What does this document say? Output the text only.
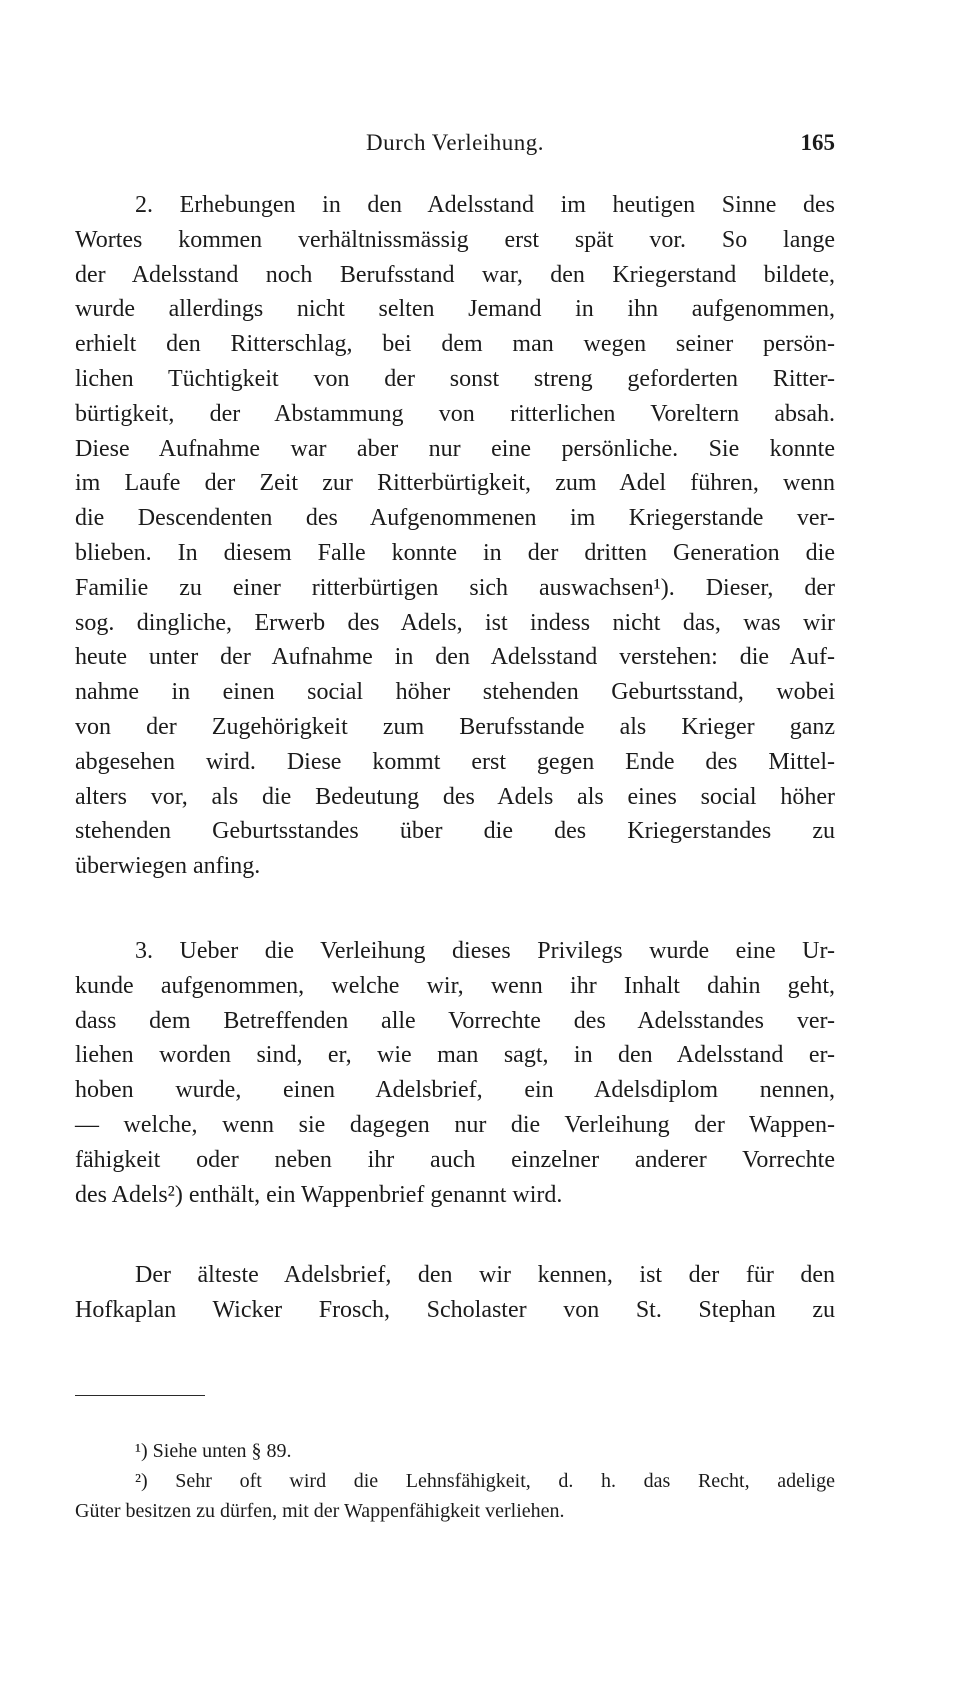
Durch Verleihung.	165
2. Erhebungen in den Adelsstand im heutigen Sinne des
Wortes kommen verhältnissmässig erst spät vor. So lange
der Adelsstand noch Berufsstand war, den Kriegerstand bildete,
wurde allerdings nicht selten Jemand in ihn aufgenommen,
erhielt den Ritterschlag, bei dem man wegen seiner persön-
lichen Tüchtigkeit von der sonst streng geforderten Ritter-
bürtigkeit, der Abstammung von ritterlichen Voreltern absah.
Diese Aufnahme war aber nur eine persönliche. Sie konnte
im Laufe der Zeit zur Ritterbürtigkeit, zum Adel führen, wenn
die Descendenten des Aufgenommenen im Kriegerstande ver-
blieben. In diesem Falle konnte in der dritten Generation die
Familie zu einer ritterbürtigen sich auswachsen¹). Dieser, der
sog. dingliche, Erwerb des Adels, ist indess nicht das, was wir
heute unter der Aufnahme in den Adelsstand verstehen: die Auf-
nahme in einen social höher stehenden Geburtsstand, wobei
von der Zugehörigkeit zum Berufsstande als Krieger ganz
abgesehen wird. Diese kommt erst gegen Ende des Mittel-
alters vor, als die Bedeutung des Adels als eines social höher
stehenden Geburtsstandes über die des Kriegerstandes zu
überwiegen anfing.
3. Ueber die Verleihung dieses Privilegs wurde eine Ur-
kunde aufgenommen, welche wir, wenn ihr Inhalt dahin geht,
dass dem Betreffenden alle Vorrechte des Adelsstandes ver-
liehen worden sind, er, wie man sagt, in den Adelsstand er-
hoben wurde, einen Adelsbrief, ein Adelsdiplom nennen,
— welche, wenn sie dagegen nur die Verleihung der Wappen-
fähigkeit oder neben ihr auch einzelner anderer Vorrechte
des Adels²) enthält, ein Wappenbrief genannt wird.
Der älteste Adelsbrief, den wir kennen, ist der für den
Hofkaplan Wicker Frosch, Scholaster von St. Stephan zu
¹) Siehe unten § 89.
²) Sehr oft wird die Lehnsfähigkeit, d. h. das Recht, adelige
Güter besitzen zu dürfen, mit der Wappenfähigkeit verliehen.
